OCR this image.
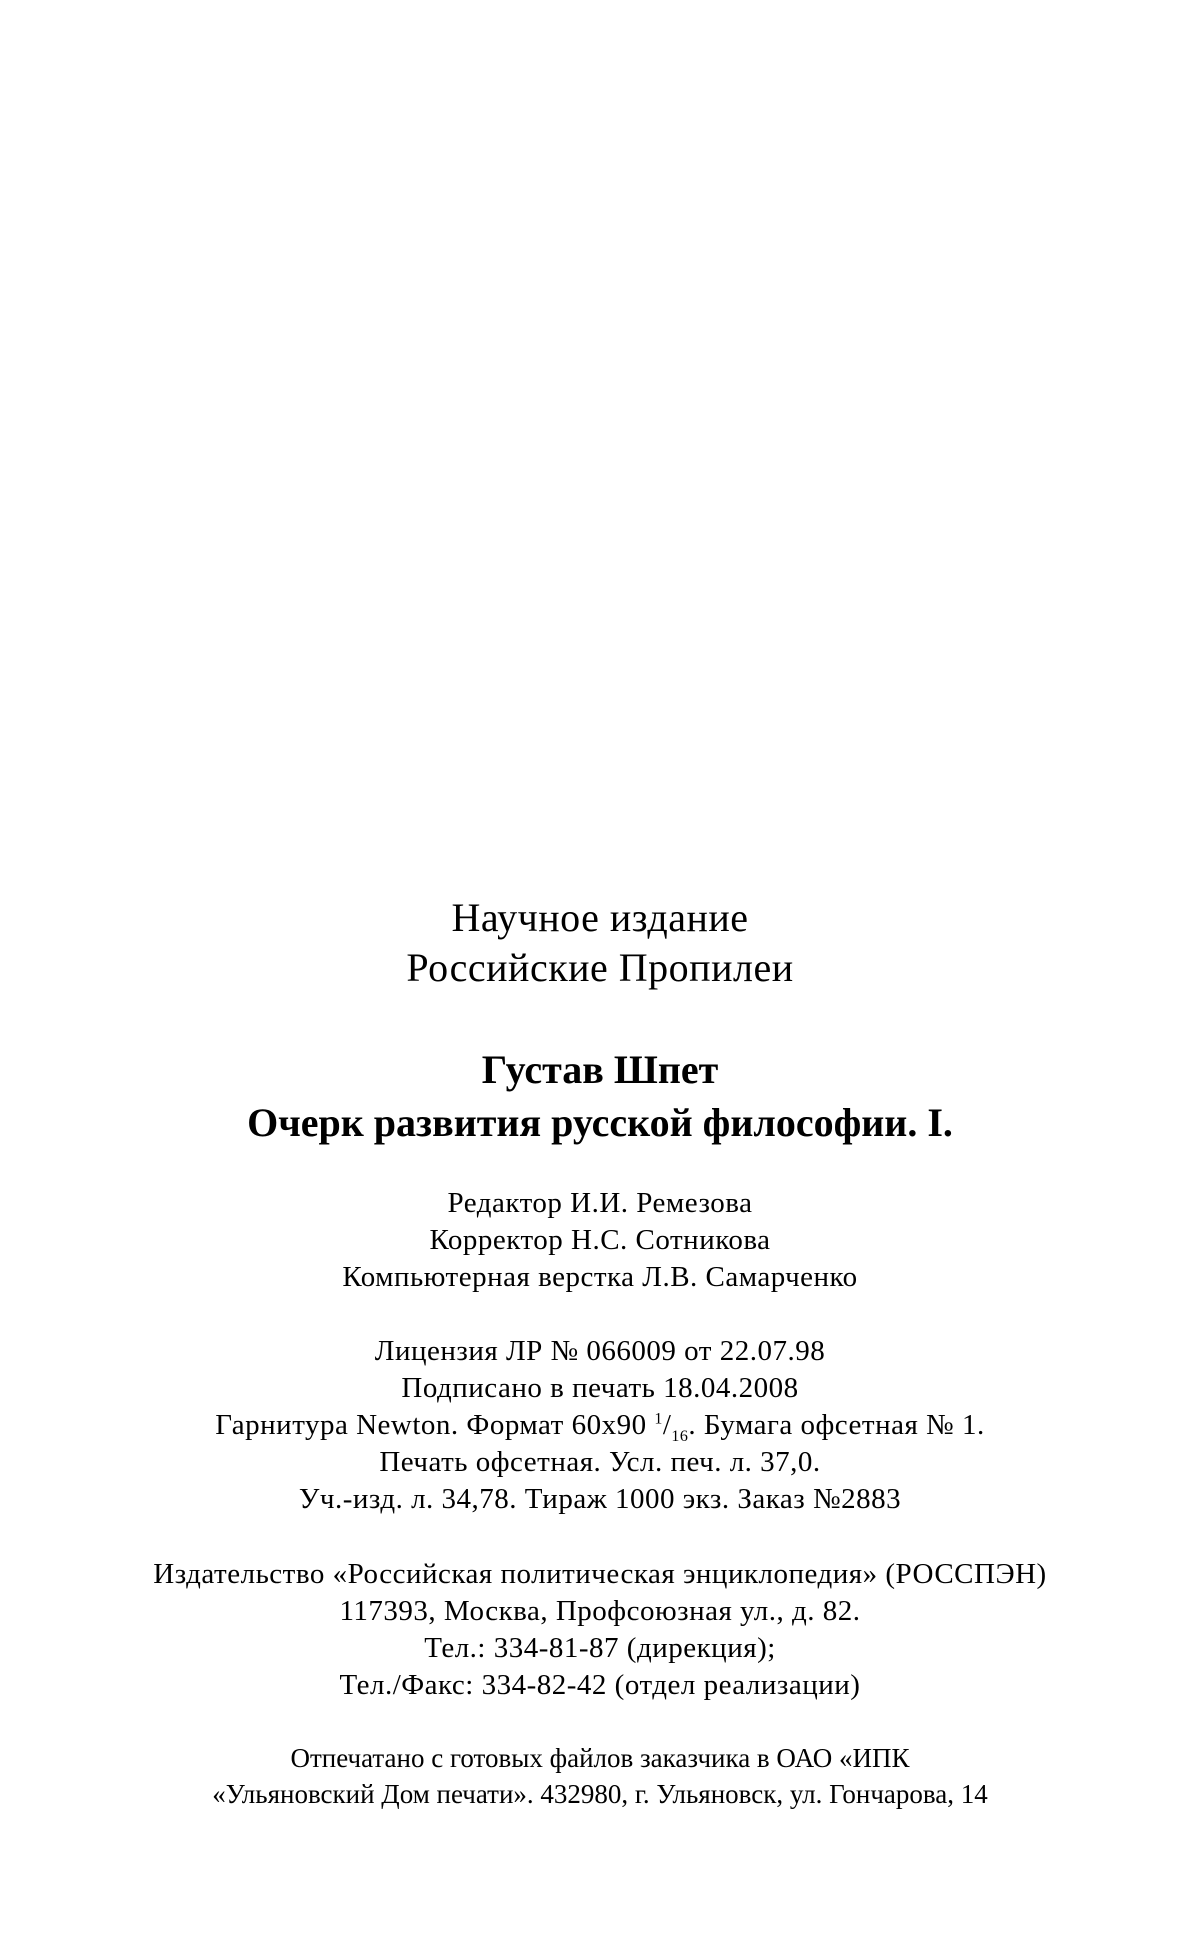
Научное издание
Российские Пропилеи
Густав Шпет
Очерк развития русской философии. I.
Редактор И.И. Ремезова
Корректор Н.С. Сотникова
Компьютерная верстка Л.В. Самарченко
Лицензия ЛР № 066009 от 22.07.98
Подписано в печать 18.04.2008
Гарнитура Newton. Формат 60x90 $^1/_{16}$. Бумага офсетная № 1.
Печать офсетная. Усл. печ. л. 37,0.
Уч.-изд. л. 34,78. Тираж 1000 экз. Заказ №2883
Издательство «Российская политическая энциклопедия» (РОССПЭН)
117393, Москва, Профсоюзная ул., д. 82.
Тел.: 334-81-87 (дирекция);
Тел./Факс: 334-82-42 (отдел реализации)
Отпечатано с готовых файлов заказчика в ОАО «ИПК
«Ульяновский Дом печати». 432980, г. Ульяновск, ул. Гончарова, 14
